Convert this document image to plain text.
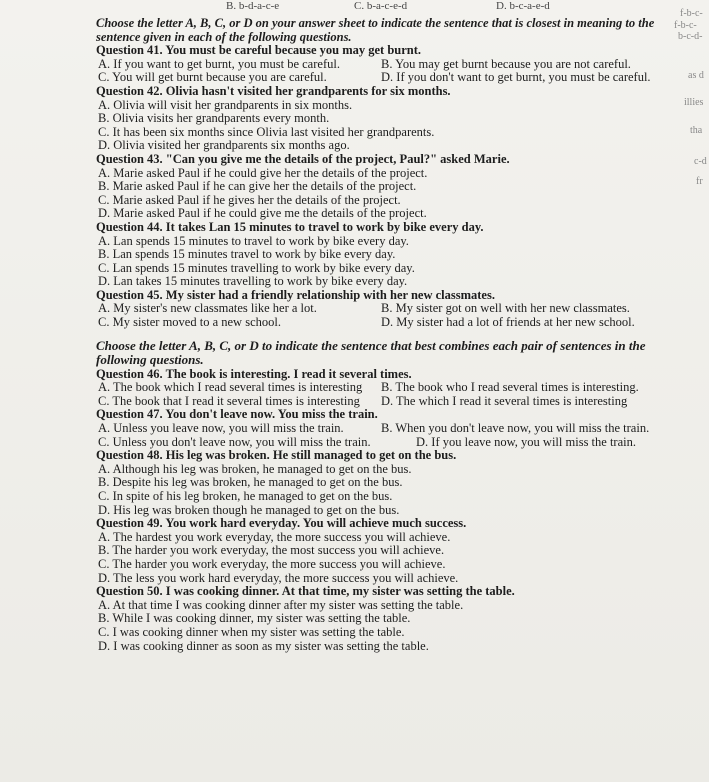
B. b-d-a-c-e	C. b-a-c-e-d	D. b-c-a-e-d
f-b-c-
f-b-c-
b-c-d-
as d
illies
tha
c-d
fr
Choose the letter A, B, C, or D on your answer sheet to indicate the sentence that is closest in meaning to the sentence given in each of the following questions.
Question 41. You must be careful because you may get burnt.
A. If you want to get burnt, you must be careful.	B. You may get burnt because you are not careful.
C. You will get burnt because you are careful.	D. If you don't want to get burnt, you must be careful.
Question 42. Olivia hasn't visited her grandparents for six months.
A. Olivia will visit her grandparents in six months.
B. Olivia visits her grandparents every month.
C. It has been six months since Olivia last visited her grandparents.
D. Olivia visited her grandparents six months ago.
Question 43. "Can you give me the details of the project, Paul?" asked Marie.
A. Marie asked Paul if he could give her the details of the project.
B. Marie asked Paul if he can give her the details of the project.
C. Marie asked Paul if he gives her the details of the project.
D. Marie asked Paul if he could give me the details of the project.
Question 44. It takes Lan 15 minutes to travel to work by bike every day.
A. Lan spends 15 minutes to travel to work by bike every day.
B. Lan spends 15 minutes travel to work by bike every day.
C. Lan spends 15 minutes travelling to work by bike every day.
D. Lan takes 15 minutes travelling to work by bike every day.
Question 45. My sister had a friendly relationship with her new classmates.
A. My sister's new classmates like her a lot.	B. My sister got on well with her new classmates.
C. My sister moved to a new school.	D. My sister had a lot of friends at her new school.
Choose the letter A, B, C, or D to indicate the sentence that best combines each pair of sentences in the following questions.
Question 46. The book is interesting. I read it several times.
A. The book which I read several times is interesting	B. The book who I read several times is interesting.
C. The book that I read it several times is interesting	D. The which I read it several times is interesting
Question 47. You don't leave now. You miss the train.
A. Unless you leave now, you will miss the train.	B. When you don't leave now, you will miss the train.
C. Unless you don't leave now, you will miss the train.	D. If you leave now, you will miss the train.
Question 48. His leg was broken. He still managed to get on the bus.
A. Although his leg was broken, he managed to get on the bus.
B. Despite his leg was broken, he managed to get on the bus.
C. In spite of his leg broken, he managed to get on the bus.
D. His leg was broken though he managed to get on the bus.
Question 49. You work hard everyday. You will achieve much success.
A. The hardest you work everyday, the more success you will achieve.
B. The harder you work everyday, the most success you will achieve.
C. The harder you work everyday, the more success you will achieve.
D. The less you work hard everyday, the more success you will achieve.
Question 50. I was cooking dinner. At that time, my sister was setting the table.
A. At that time I was cooking dinner after my sister was setting the table.
B. While I was cooking dinner, my sister was setting the table.
C. I was cooking dinner when my sister was setting the table.
D. I was cooking dinner as soon as my sister was setting the table.
